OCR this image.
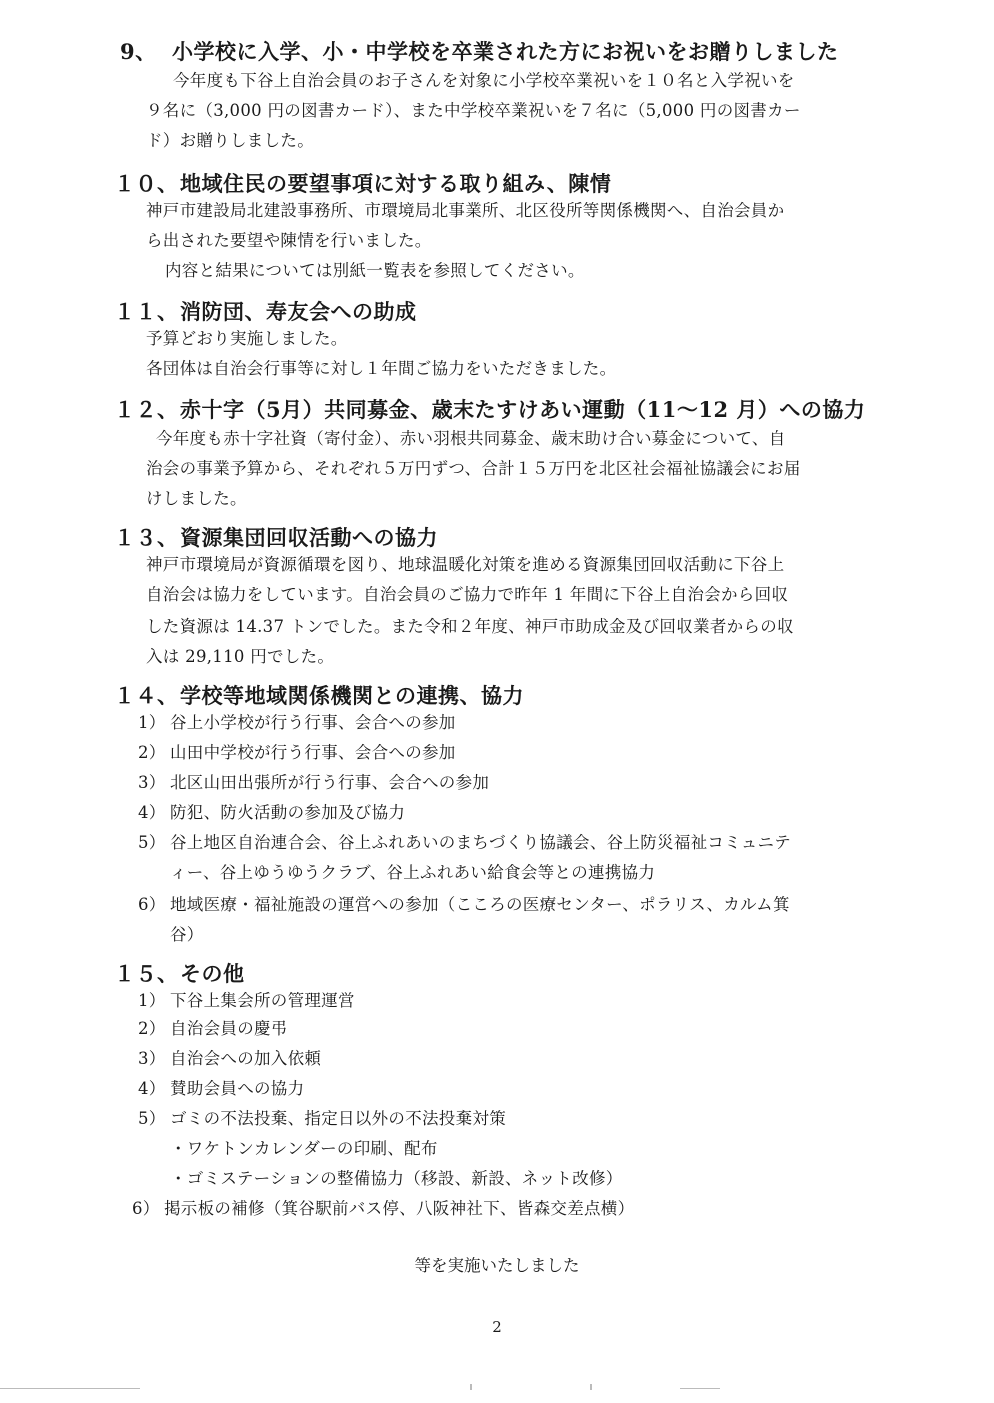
9、 小学校に入学、小・中学校を卒業された方にお祝いをお贈りしました
今年度も下谷上自治会員のお子さんを対象に小学校卒業祝いを１０名と入学祝いを
９名に（3,000 円の図書カード）、また中学校卒業祝いを７名に（5,000 円の図書カー
ド）お贈りしました。
１０、地域住民の要望事項に対する取り組み、陳情
神戸市建設局北建設事務所、市環境局北事業所、北区役所等関係機関へ、自治会員か
ら出された要望や陳情を行いました。
内容と結果については別紙一覧表を参照してください。
１１、消防団、寿友会への助成
予算どおり実施しました。
各団体は自治会行事等に対し１年間ご協力をいただきました。
１２、赤十字（5月）共同募金、歳末たすけあい運動（11～12 月）への協力
今年度も赤十字社資（寄付金）、赤い羽根共同募金、歳末助け合い募金について、自
治会の事業予算から、それぞれ５万円ずつ、合計１５万円を北区社会福祉協議会にお届
けしました。
１３、資源集団回収活動への協力
神戸市環境局が資源循環を図り、地球温暖化対策を進める資源集団回収活動に下谷上
自治会は協力をしています。自治会員のご協力で昨年 1 年間に下谷上自治会から回収
した資源は 14.37 トンでした。また令和２年度、神戸市助成金及び回収業者からの収
入は 29,110 円でした。
１４、学校等地域関係機関との連携、協力
1） 谷上小学校が行う行事、会合への参加
2） 山田中学校が行う行事、会合への参加
3） 北区山田出張所が行う行事、会合への参加
4） 防犯、防火活動の参加及び協力
5） 谷上地区自治連合会、谷上ふれあいのまちづくり協議会、谷上防災福祉コミュニテ
ィー、谷上ゆうゆうクラブ、谷上ふれあい給食会等との連携協力
6） 地域医療・福祉施設の運営への参加（こころの医療センター、ポラリス、カルム箕
谷）
１５、その他
1） 下谷上集会所の管理運営
2） 自治会員の慶弔
3） 自治会への加入依頼
4） 賛助会員への協力
5） ゴミの不法投棄、指定日以外の不法投棄対策
・ワケトンカレンダーの印刷、配布
・ゴミステーションの整備協力（移設、新設、ネット改修）
6） 掲示板の補修（箕谷駅前バス停、八阪神社下、皆森交差点横）
等を実施いたしました
2
